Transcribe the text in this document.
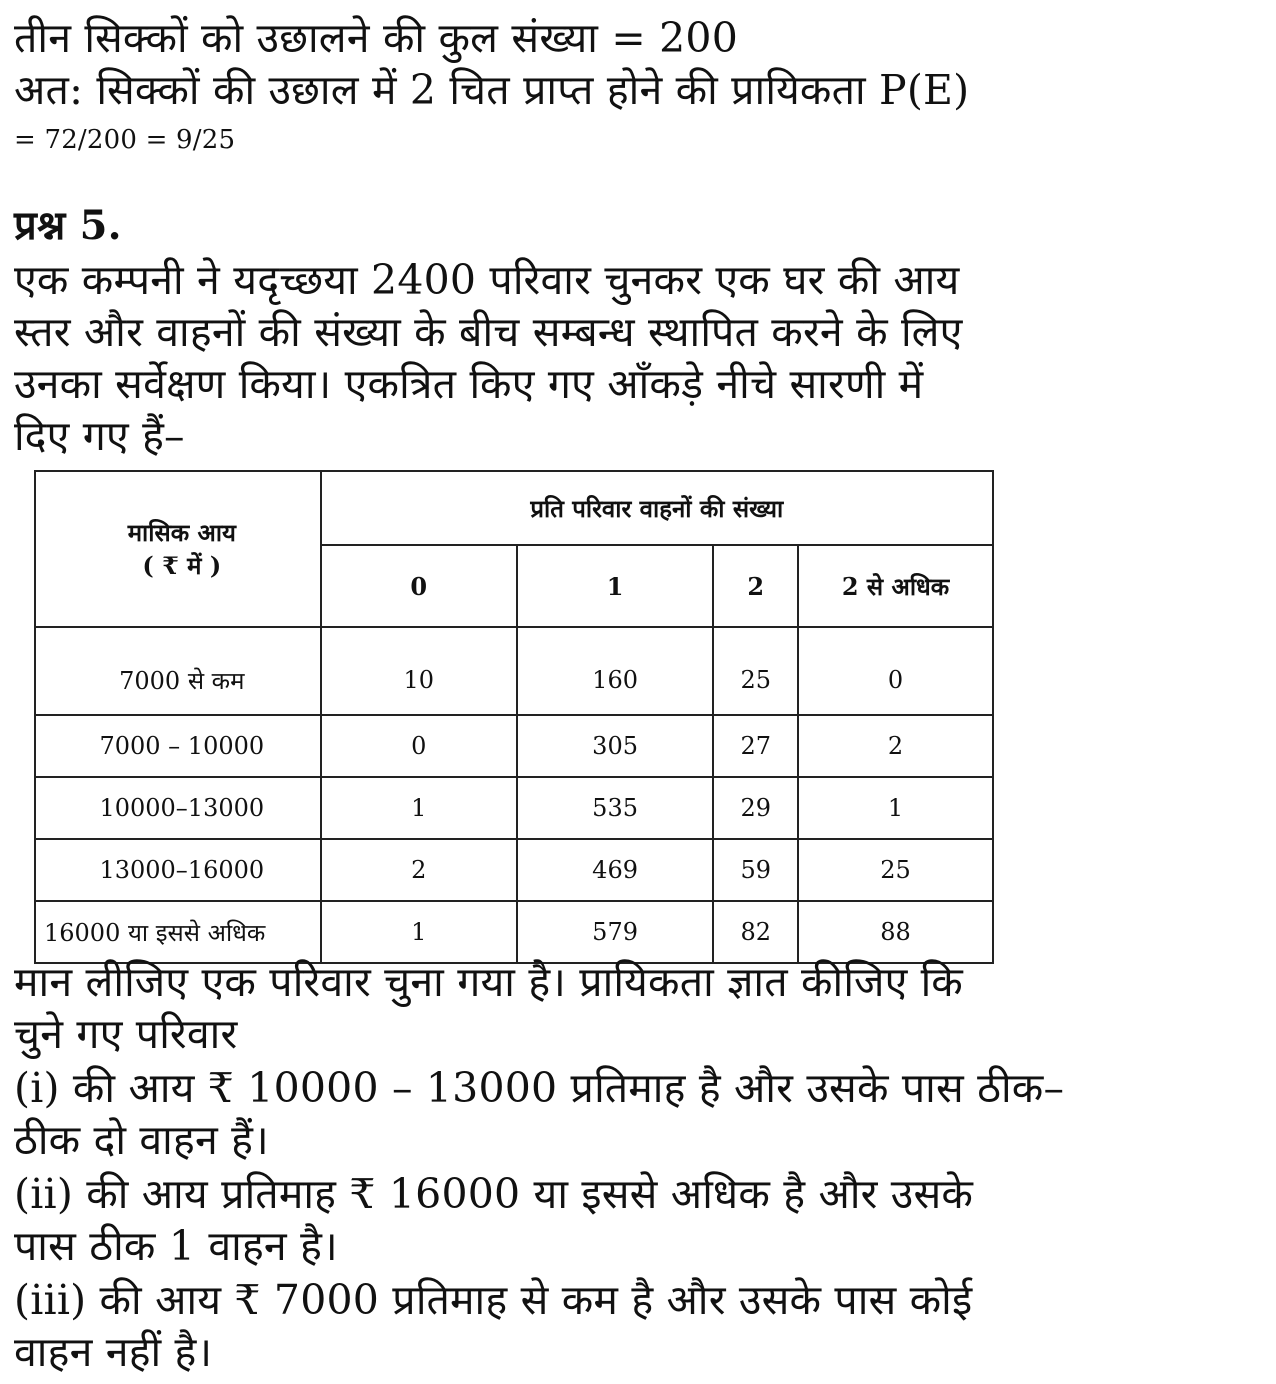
तीन सिक्कों को उछालने की कुल संख्या = 200
अत: सिक्कों की उछाल में 2 चित प्राप्त होने की प्रायिकता P(E)
= 72/200 = 9/25
प्रश्न 5.
एक कम्पनी ने यदृच्छया 2400 परिवार चुनकर एक घर की आय
स्तर और वाहनों की संख्या के बीच सम्बन्ध स्थापित करने के लिए
उनका सर्वेक्षण किया। एकत्रित किए गए आँकड़े नीचे सारणी में
दिए गए हैं–
मासिक आय
( ₹ में )	प्रति परिवार वाहनों की संख्या			
	0	1	2	2 से अधिक
7000 से कम	10	160	25	0
7000 – 10000	0	305	27	2
10000–13000	1	535	29	1
13000–16000	2	469	59	25
16000 या इससे अधिक	1	579	82	88
मान लीजिए एक परिवार चुना गया है। प्रायिकता ज्ञात कीजिए कि
चुने गए परिवार
(i) की आय ₹ 10000 – 13000 प्रतिमाह है और उसके पास ठीक–
ठीक दो वाहन हैं।
(ii) की आय प्रतिमाह ₹ 16000 या इससे अधिक है और उसके
पास ठीक 1 वाहन है।
(iii) की आय ₹ 7000 प्रतिमाह से कम है और उसके पास कोई
वाहन नहीं है।
